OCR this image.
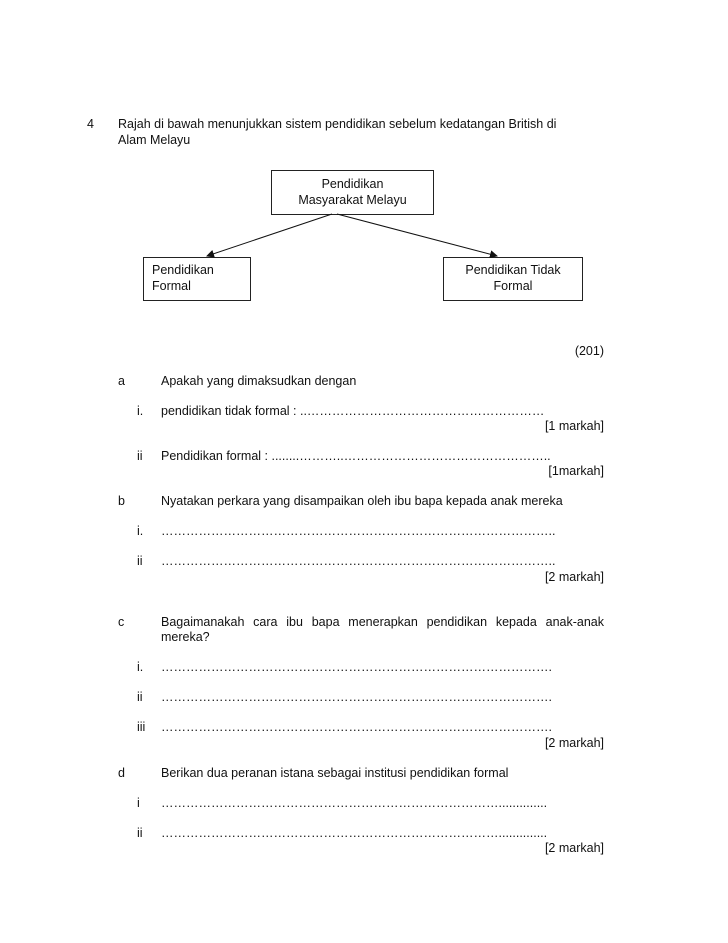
4 Rajah di bawah menunjukkan sistem pendidikan sebelum kedatangan British di
Alam Melayu
Pendidikan
Masyarakat Melayu
Pendidikan
Formal
Pendidikan Tidak
Formal
(201)
a	Apakah yang dimaksudkan dengan
i. pendidikan tidak formal : ..…………………………………………………
[1 markah]
ii Pendidikan formal : ........………..…………………………………………..
[1markah]
b	Nyatakan perkara yang disampaikan oleh ibu bapa kepada anak mereka
i. …………………………………………………………………………………..
ii …………………………………………………………………………………..
[2 markah]
c	Bagaimanakah cara ibu bapa menerapkan pendidikan kepada anak-anak
mereka?
i. ………………………………………………………………………………….
ii ………………………………………………………………………………….
iii ………………………………………………………………………………….
[2 markah]
d	Berikan dua peranan istana sebagai institusi pendidikan formal
i ………………………………………………………………………..............
ii ………………………………………………………………………..............
[2 markah]
